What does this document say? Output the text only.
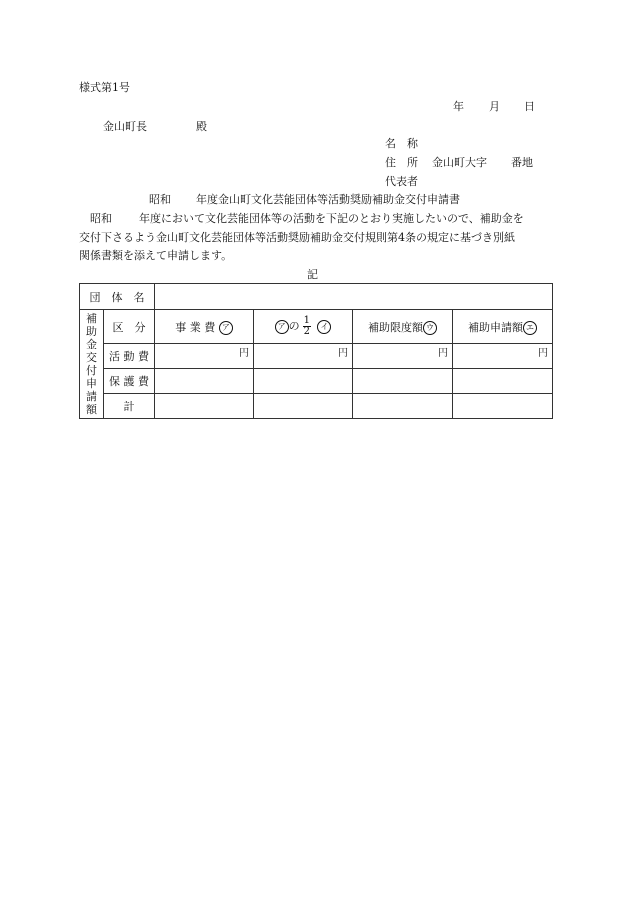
様式第1号
年 月 日
金山町長	殿
名　称
住　所 金山町大字 番地
代表者
昭和 年度金山町文化芸能団体等活動奨励補助金交付申請書
昭和 年度において文化芸能団体等の活動を下記のとおり実施したいので、補助金を
交付下さるよう金山町文化芸能団体等活動奨励補助金交付規則第4条の規定に基づき別紙
関係書類を添えて申請します。
記
団　体　名					

補助金交付申請額	区　分	事 業 費 ア	ア の $\frac{1}{2}$ イ	補助限度額 ウ	補助申請額 エ
	活 動 費	円	円	円	円
	保 護 費				
	計				
